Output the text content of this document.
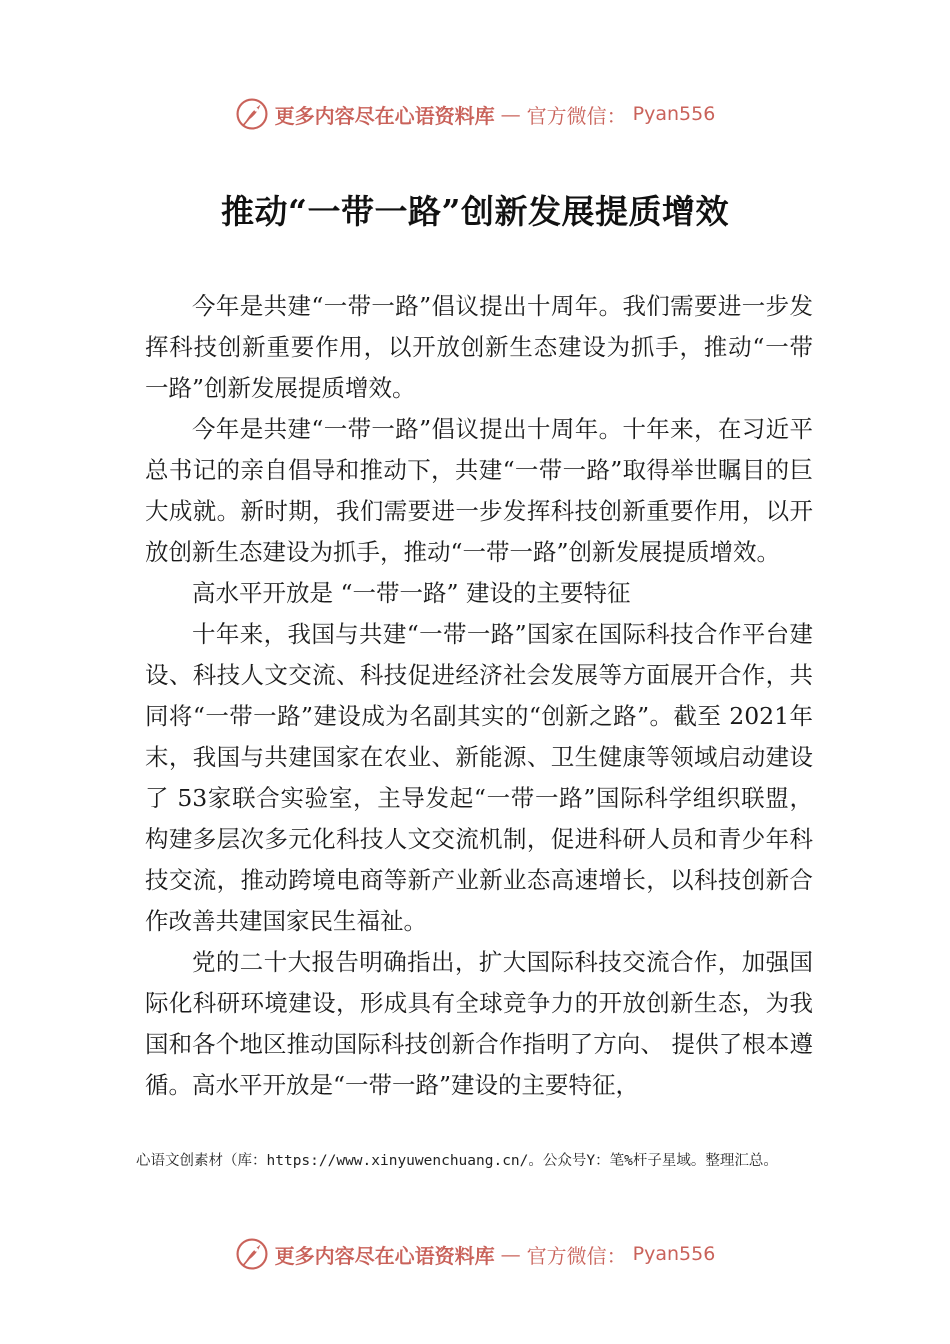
更多内容尽在心语资料库 — 官方微信： Pyan556
推动“一带一路”创新发展提质增效

今年是共建“一带一路”倡议提出十周年。我们需要进一步发挥科技创新重要作用，以开放创新生态建设为抓手，推动“一带一路”创新发展提质增效。

今年是共建“一带一路”倡议提出十周年。十年来，在习近平总书记的亲自倡导和推动下，共建“一带一路”取得举世瞩目的巨大成就。新时期，我们需要进一步发挥科技创新重要作用，以开放创新生态建设为抓手，推动“一带一路”创新发展提质增效。

高水平开放是 “一带一路” 建设的主要特征

十年来，我国与共建“一带一路”国家在国际科技合作平台建设、科技人文交流、科技促进经济社会发展等方面展开合作，共同将“一带一路”建设成为名副其实的“创新之路”。截至 2021年末，我国与共建国家在农业、新能源、卫生健康等领域启动建设了 53家联合实验室，主导发起“一带一路”国际科学组织联盟，构建多层次多元化科技人文交流机制，促进科研人员和青少年科技交流，推动跨境电商等新产业新业态高速增长，以科技创新合作改善共建国家民生福祉。

党的二十大报告明确指出，扩大国际科技交流合作，加强国际化科研环境建设，形成具有全球竞争力的开放创新生态，为我国和各个地区推动国际科技创新合作指明了方向、 提供了根本遵循。高水平开放是“一带一路”建设的主要特征，

心语文创素材（库：https://www.xinyuwenchuang.cn/。公众号Y：笔%杆子星域。整理汇总。
更多内容尽在心语资料库 — 官方微信： Pyan556
